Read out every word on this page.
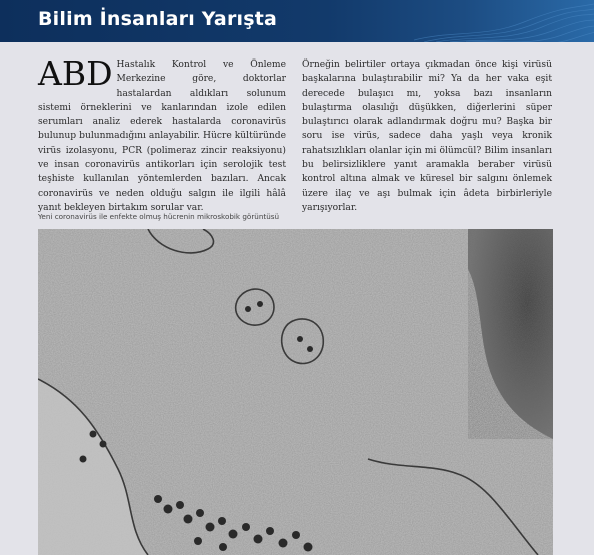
Bilim İnsanları Yarışta
ABD Hastalık Kontrol ve Önleme Merkezine göre, doktorlar hastalardan aldıkları solunum sistemi örneklerini ve kanlarından izole edilen serumları analiz ederek hastalarda coronavirüs bulunup bulunmadığını anlayabilir. Hücre kültüründe virüs izolasyonu, PCR (polimeraz zincir reaksiyonu) ve insan coronavirüs antikorları için serolojik test teşhiste kullanılan yöntemlerden bazıları. Ancak coronavirüs ve neden olduğu salgın ile ilgili hâlâ yanıt bekleyen birtakım sorular var.
Örneğin belirtiler ortaya çıkmadan önce kişi virüsü başkalarına bulaştırabilir mi? Ya da her vaka eşit derecede bulaşıcı mı, yoksa bazı insanların bulaştırma olasılığı düşükken, diğerlerini süper bulaştırıcı olarak adlandırmak doğru mu? Başka bir soru ise virüs, sadece daha yaşlı veya kronik rahatsızlıkları olanlar için mi ölümcül? Bilim insanları bu belirsizliklere yanıt aramakla beraber virüsü kontrol altına almak ve küresel bir salgını önlemek üzere ilaç ve aşı bulmak için âdeta birbirleriyle yarışıyorlar.
Yeni coronavirüs ile enfekte olmuş hücrenin mikroskobik görüntüsü
